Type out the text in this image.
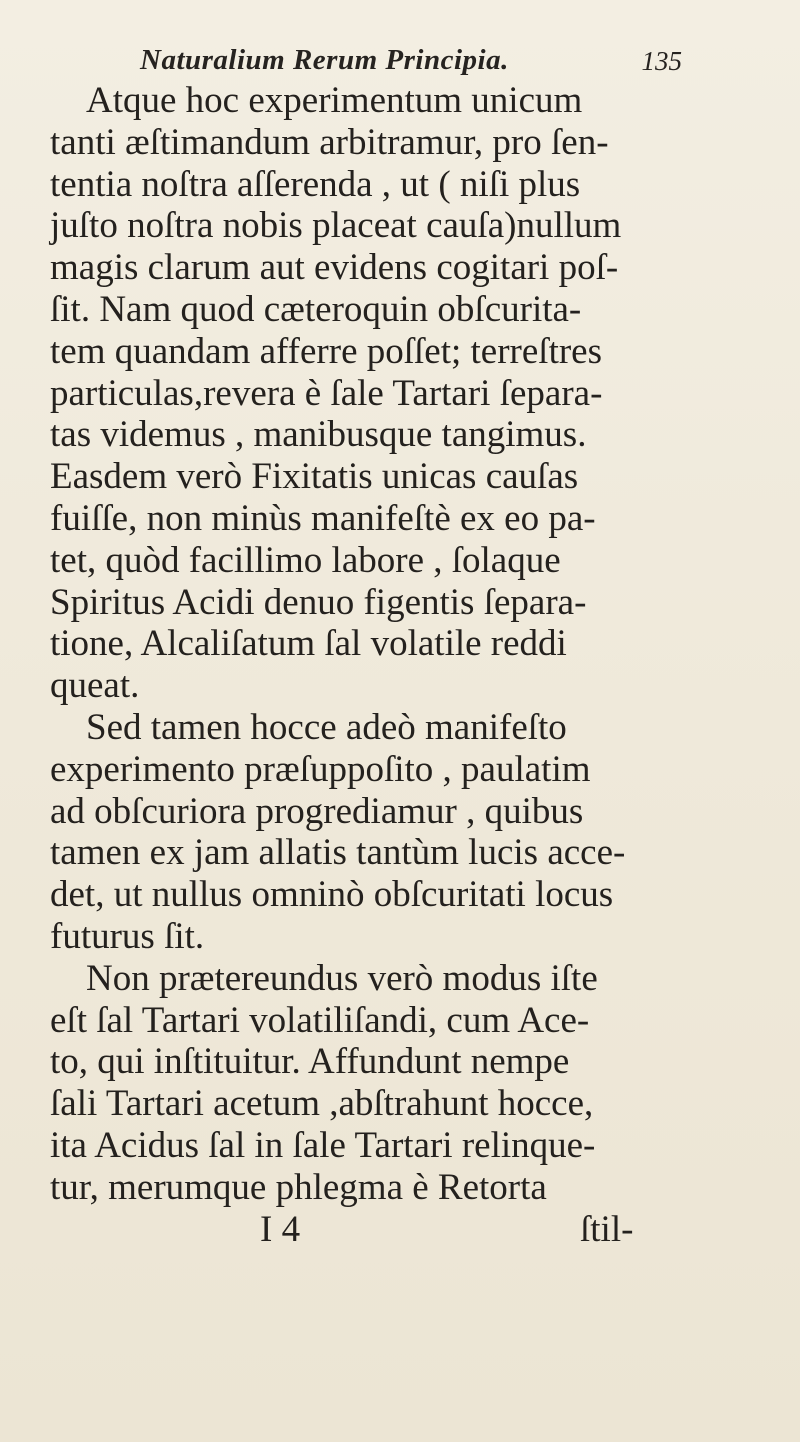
Naturalium Rerum Principia.	135
Atque hoc experimentum unicum
tanti æſtimandum arbitramur, pro ſen-
tentia noſtra aſſerenda , ut ( niſi plus
juſto noſtra nobis placeat cauſa)nullum
magis clarum aut evidens cogitari poſ-
ſit. Nam quod cæteroquin obſcurita-
tem quandam afferre poſſet; terreſtres
particulas,revera è ſale Tartari ſepara-
tas videmus , manibusque tangimus.
Easdem verò Fixitatis unicas cauſas
fuiſſe, non minùs manifeſtè ex eo pa-
tet, quòd facillimo labore , ſolaque
Spiritus Acidi denuo figentis ſepara-
tione, Alcaliſatum ſal volatile reddi
queat.
Sed tamen hocce adeò manifeſto
experimento præſuppoſito , paulatim
ad obſcuriora progrediamur , quibus
tamen ex jam allatis tantùm lucis acce-
det, ut nullus omninò obſcuritati locus
futurus ſit.
Non prætereundus verò modus iſte
eſt ſal Tartari volatiliſandi, cum Ace-
to, qui inſtituitur. Affundunt nempe
ſali Tartari acetum ,abſtrahunt hocce,
ita Acidus ſal in ſale Tartari relinque-
tur, merumque phlegma è Retorta
I 4	ſtil-
